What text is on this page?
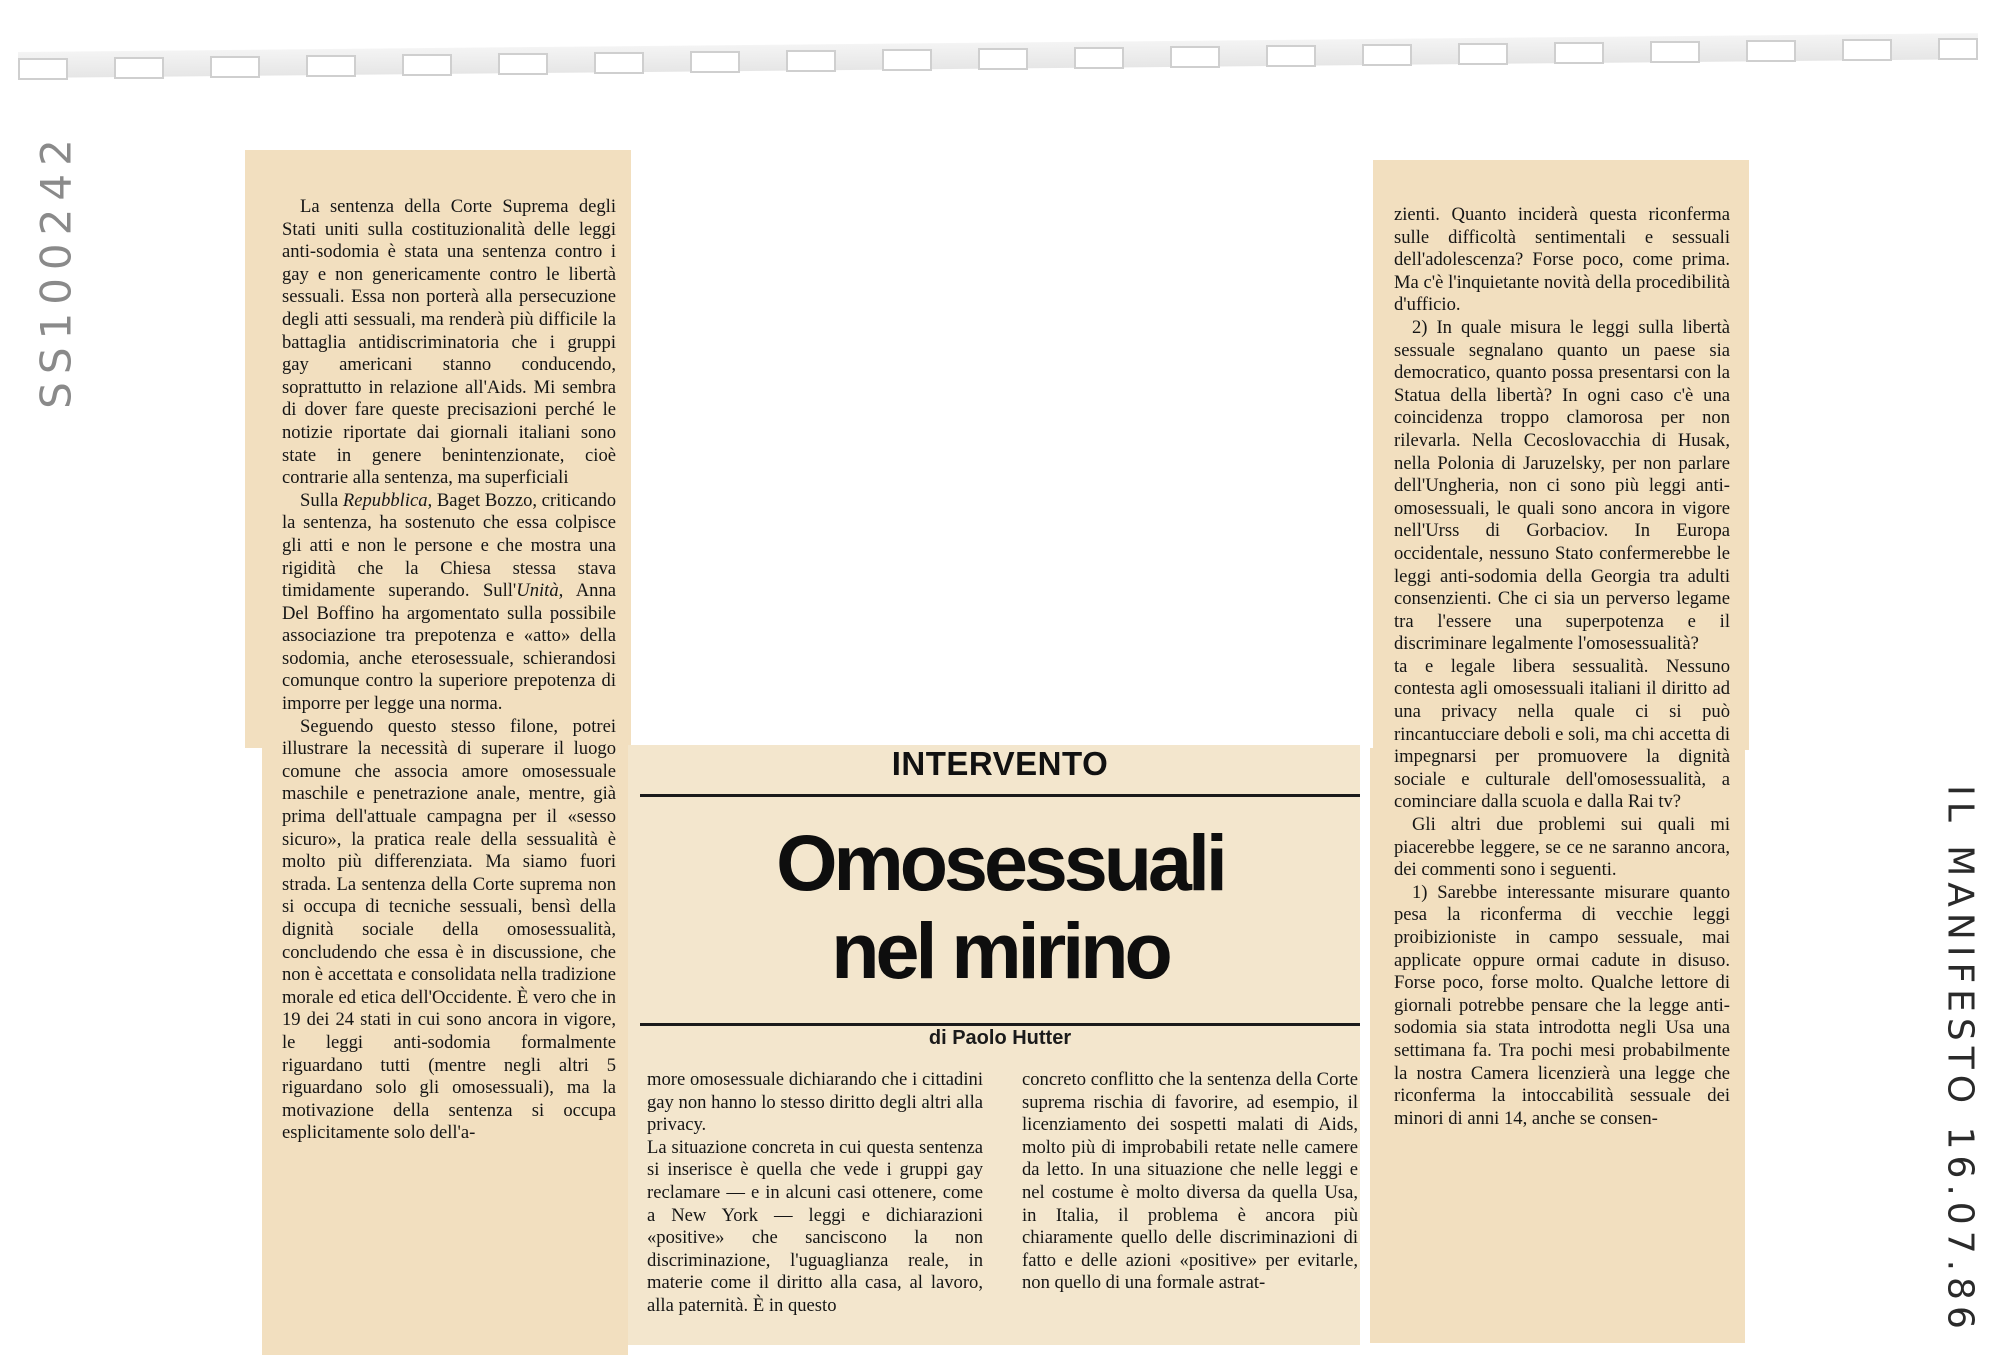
SS100242
IL MANIFESTO 16.07.86
INTERVENTO
Omosessuali
nel mirino
di Paolo Hutter

La sentenza della Corte Suprema degli Stati uniti sulla costituzionalità delle leggi anti-sodomia è stata una sentenza contro i gay e non genericamente contro le libertà sessuali. Essa non porterà alla persecuzione degli atti sessuali, ma renderà più difficile la battaglia antidiscriminatoria che i gruppi gay americani stanno conducendo, soprattutto in relazione all'Aids. Mi sembra di dover fare queste precisazioni perché le notizie riportate dai giornali italiani sono state in genere benintenzionate, cioè contrarie alla sentenza, ma superficiali

Sulla Repubblica, Baget Bozzo, criticando la sentenza, ha sostenuto che essa colpisce gli atti e non le persone e che mostra una rigidità che la Chiesa stessa stava timidamente superando. Sull'Unità, Anna Del Boffino ha argomentato sulla possibile associazione tra prepotenza e «atto» della sodomia, anche eterosessuale, schierandosi comunque contro la superiore prepotenza di imporre per legge una norma.

Seguendo questo stesso filone, potrei illustrare la necessità di superare il luogo comune che associa amore omosessuale maschile e penetrazione anale, mentre, già prima dell'attuale campagna per il «sesso sicuro», la pratica reale della sessualità è molto più differenziata. Ma siamo fuori strada. La sentenza della Corte suprema non si occupa di tecniche sessuali, bensì della dignità sociale della omosessualità, concludendo che essa è in discussione, che non è accettata e consolidata nella tradizione morale ed etica dell'Occidente. È vero che in 19 dei 24 stati in cui sono ancora in vigore, le leggi anti-sodomia formalmente riguardano tutti (mentre negli altri 5 riguardano solo gli omosessuali), ma la motivazione della sentenza si occupa esplicitamente solo dell'a-

more omosessuale dichiarando che i cittadini gay non hanno lo stesso diritto degli altri alla privacy.

La situazione concreta in cui questa sentenza si inserisce è quella che vede i gruppi gay reclamare — e in alcuni casi ottenere, come a New York — leggi e dichiarazioni «positive» che sanciscono la non discriminazione, l'uguaglianza reale, in materie come il diritto alla casa, al lavoro, alla paternità. È in questo

concreto conflitto che la sentenza della Corte suprema rischia di favorire, ad esempio, il licenziamento dei sospetti malati di Aids, molto più di improbabili retate nelle camere da letto. In una situazione che nelle leggi e nel costume è molto diversa da quella Usa, in Italia, il problema è ancora più chiaramente quello delle discriminazioni di fatto e delle azioni «positive» per evitarle, non quello di una formale astrat-

zienti. Quanto inciderà questa riconferma sulle difficoltà sentimentali e sessuali dell'adolescenza? Forse poco, come prima. Ma c'è l'inquietante novità della procedibilità d'ufficio.

2) In quale misura le leggi sulla libertà sessuale segnalano quanto un paese sia democratico, quanto possa presentarsi con la Statua della libertà? In ogni caso c'è una coincidenza troppo clamorosa per non rilevarla. Nella Cecoslovacchia di Husak, nella Polonia di Jaruzelsky, per non parlare dell'Ungheria, non ci sono più leggi anti-omosessuali, le quali sono ancora in vigore nell'Urss di Gorbaciov. In Europa occidentale, nessuno Stato confermerebbe le leggi anti-sodomia della Georgia tra adulti consenzienti. Che ci sia un perverso legame tra l'essere una superpotenza e il discriminare legalmente l'omosessualità?

ta e legale libera sessualità. Nessuno contesta agli omosessuali italiani il diritto ad una privacy nella quale ci si può rincantucciare deboli e soli, ma chi accetta di impegnarsi per promuovere la dignità sociale e culturale dell'omosessualità, a cominciare dalla scuola e dalla Rai tv?

Gli altri due problemi sui quali mi piacerebbe leggere, se ce ne saranno ancora, dei commenti sono i seguenti.

1) Sarebbe interessante misurare quanto pesa la riconferma di vecchie leggi proibizioniste in campo sessuale, mai applicate oppure ormai cadute in disuso. Forse poco, forse molto. Qualche lettore di giornali potrebbe pensare che la legge anti-sodomia sia stata introdotta negli Usa una settimana fa. Tra pochi mesi probabilmente la nostra Camera licenzierà una legge che riconferma la intoccabilità sessuale dei minori di anni 14, anche se consen-
